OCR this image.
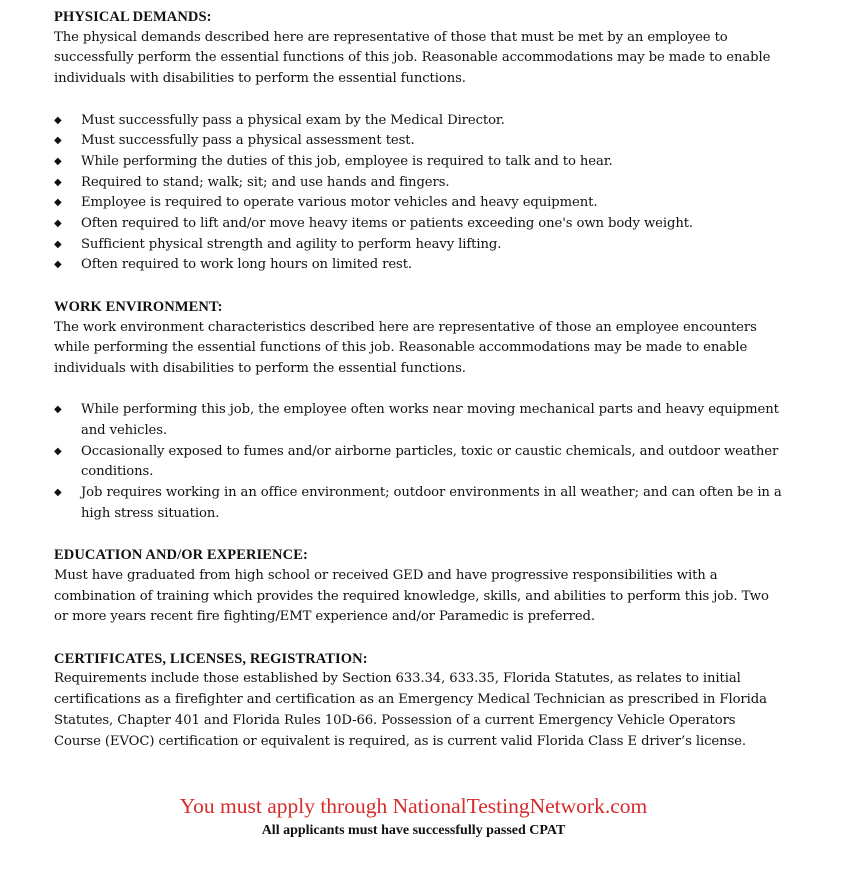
PHYSICAL DEMANDS:

The physical demands described here are representative of those that must be met by an employee to successfully perform the essential functions of this job. Reasonable accommodations may be made to enable individuals with disabilities to perform the essential functions.

◆ Must successfully pass a physical exam by the Medical Director.
◆ Must successfully pass a physical assessment test.
◆ While performing the duties of this job, employee is required to talk and to hear.
◆ Required to stand; walk; sit; and use hands and fingers.
◆ Employee is required to operate various motor vehicles and heavy equipment.
◆ Often required to lift and/or move heavy items or patients exceeding one's own body weight.
◆ Sufficient physical strength and agility to perform heavy lifting.
◆ Often required to work long hours on limited rest.

WORK ENVIRONMENT:

The work environment characteristics described here are representative of those an employee encounters while performing the essential functions of this job. Reasonable accommodations may be made to enable individuals with disabilities to perform the essential functions.

◆ While performing this job, the employee often works near moving mechanical parts and heavy equipment and vehicles.
◆ Occasionally exposed to fumes and/or airborne particles, toxic or caustic chemicals, and outdoor weather conditions.
◆ Job requires working in an office environment; outdoor environments in all weather; and can often be in a high stress situation.

EDUCATION AND/OR EXPERIENCE:

Must have graduated from high school or received GED and have progressive responsibilities with a combination of training which provides the required knowledge, skills, and abilities to perform this job. Two or more years recent fire fighting/EMT experience and/or Paramedic is preferred.

CERTIFICATES, LICENSES, REGISTRATION:

Requirements include those established by Section 633.34, 633.35, Florida Statutes, as relates to initial certifications as a firefighter and certification as an Emergency Medical Technician as prescribed in Florida Statutes, Chapter 401 and Florida Rules 10D-66. Possession of a current Emergency Vehicle Operators Course (EVOC) certification or equivalent is required, as is current valid Florida Class E driver’s license.

You must apply through NationalTestingNetwork.com
All applicants must have successfully passed CPAT
